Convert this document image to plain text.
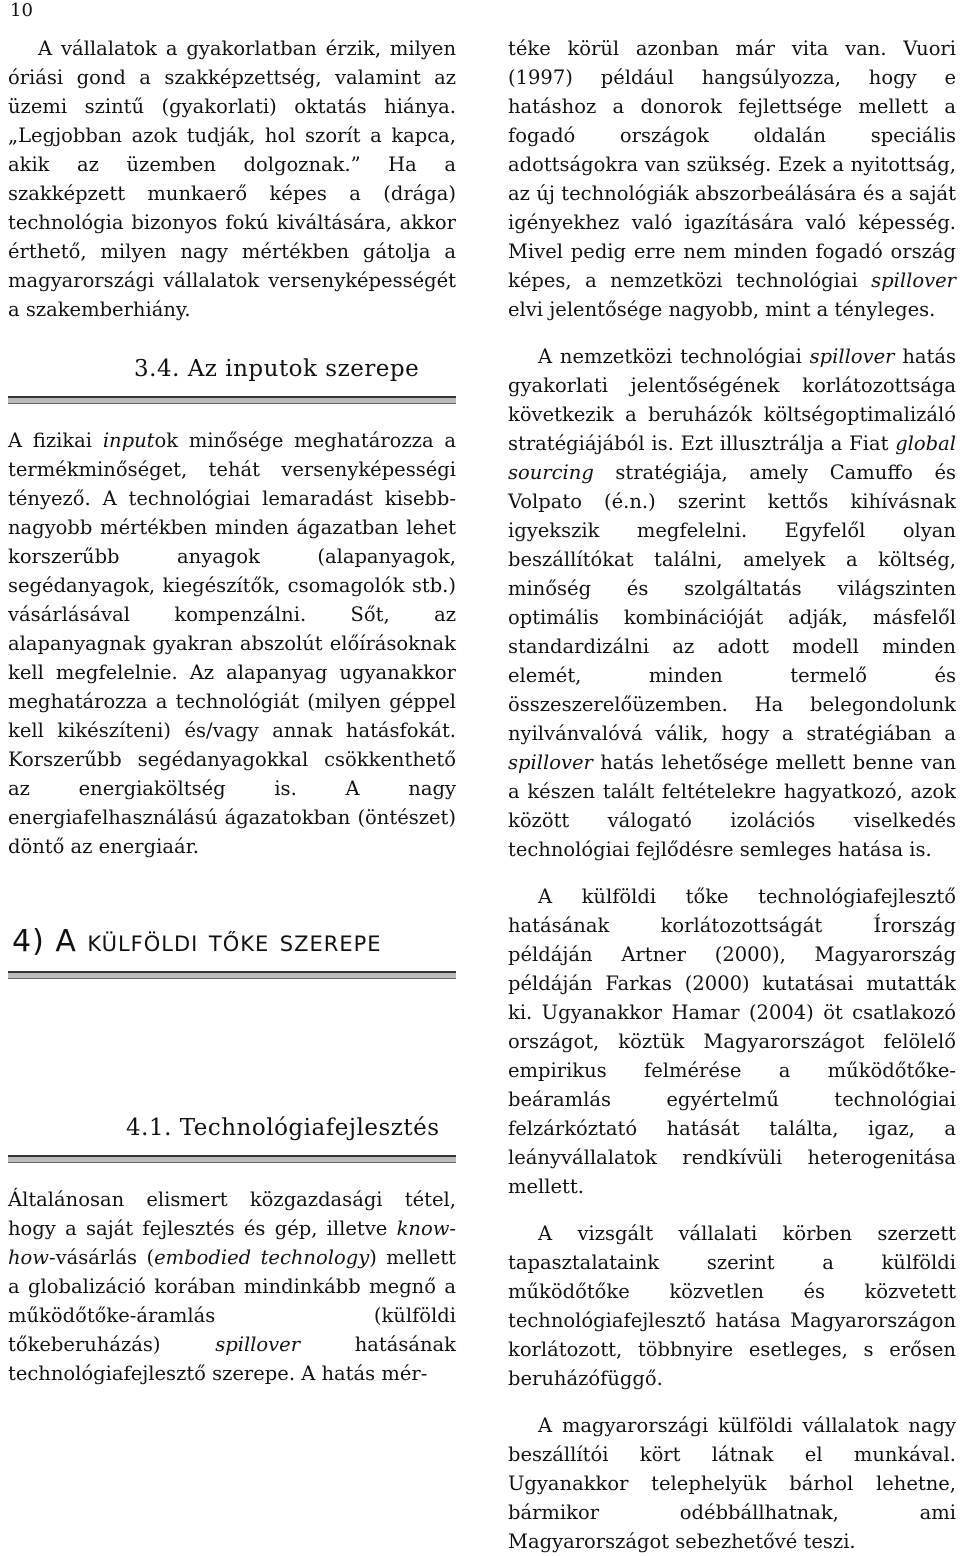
10

A vállalatok a gyakorlatban érzik, milyen óriási gond a szakképzettség, valamint az üzemi szintű (gyakorlati) oktatás hiánya. „Legjobban azok tudják, hol szorít a kapca, akik az üzemben dolgoznak.” Ha a szakképzett munkaerő képes a (drága) technológia bizonyos fokú kiváltására, akkor érthető, milyen nagy mértékben gátolja a magyarországi vállalatok versenyképességét a szakemberhiány.

3.4. Az inputok szerepe

A fizikai inputok minősége meghatározza a termékminőséget, tehát versenyképességi tényező. A technológiai lemaradást kisebb-nagyobb mértékben minden ágazatban lehet korszerűbb anyagok (alapanyagok, segédanyagok, kiegészítők, csomagolók stb.) vásárlásával kompenzálni. Sőt, az alapanyagnak gyakran abszolút előírásoknak kell megfelelnie. Az alapanyag ugyanakkor meghatározza a technológiát (milyen géppel kell kikészíteni) és/vagy annak hatásfokát. Korszerűbb segédanyagokkal csökkenthető az energiaköltség is. A nagy energiafelhasználású ágazatokban (öntészet) döntő az energiaár.

4) A külföldi tőke szerepe
4.1. Technológiafejlesztés

Általánosan elismert közgazdasági tétel, hogy a saját fejlesztés és gép, illetve know-how-vásárlás (embodied technology) mellett a globalizáció korában mindinkább megnő a működőtőke-áramlás (külföldi tőkeberuházás) spillover hatásának technológiafejlesztő szerepe. A hatás mér-

téke körül azonban már vita van. Vuori (1997) például hangsúlyozza, hogy e hatáshoz a donorok fejlettsége mellett a fogadó országok oldalán speciális adottságokra van szükség. Ezek a nyitottság, az új technológiák abszorbeálására és a saját igényekhez való igazítására való képesség. Mivel pedig erre nem minden fogadó ország képes, a nemzetközi technológiai spillover elvi jelentősége nagyobb, mint a tényleges.

A nemzetközi technológiai spillover hatás gyakorlati jelentőségének korlátozottsága következik a beruházók költségoptimalizáló stratégiájából is. Ezt illusztrálja a Fiat global sourcing stratégiája, amely Camuffo és Volpato (é.n.) szerint kettős kihívásnak igyekszik megfelelni. Egyfelől olyan beszállítókat találni, amelyek a költség, minőség és szolgáltatás világszinten optimális kombinációját adják, másfelől standardizálni az adott modell minden elemét, minden termelő és összeszerelőüzemben. Ha belegondolunk nyilvánvalóvá válik, hogy a stratégiában a spillover hatás lehetősége mellett benne van a készen talált feltételekre hagyatkozó, azok között válogató izolációs viselkedés technológiai fejlődésre semleges hatása is.

A külföldi tőke technológiafejlesztő hatásának korlátozottságát Írország példáján Artner (2000), Magyarország példáján Farkas (2000) kutatásai mutatták ki. Ugyanakkor Hamar (2004) öt csatlakozó országot, köztük Magyarországot felölelő empirikus felmérése a működőtőke-beáramlás egyértelmű technológiai felzárkóztató hatását találta, igaz, a leányvállalatok rendkívüli heterogenitása mellett.

A vizsgált vállalati körben szerzett tapasztalataink szerint a külföldi működőtőke közvetlen és közvetett technológiafejlesztő hatása Magyarországon korlátozott, többnyire esetleges, s erősen beruházófüggő.

A magyarországi külföldi vállalatok nagy beszállítói kört látnak el munkával. Ugyanakkor telephelyük bárhol lehetne, bármikor odébbállhatnak, ami Magyarországot sebezhetővé teszi.
